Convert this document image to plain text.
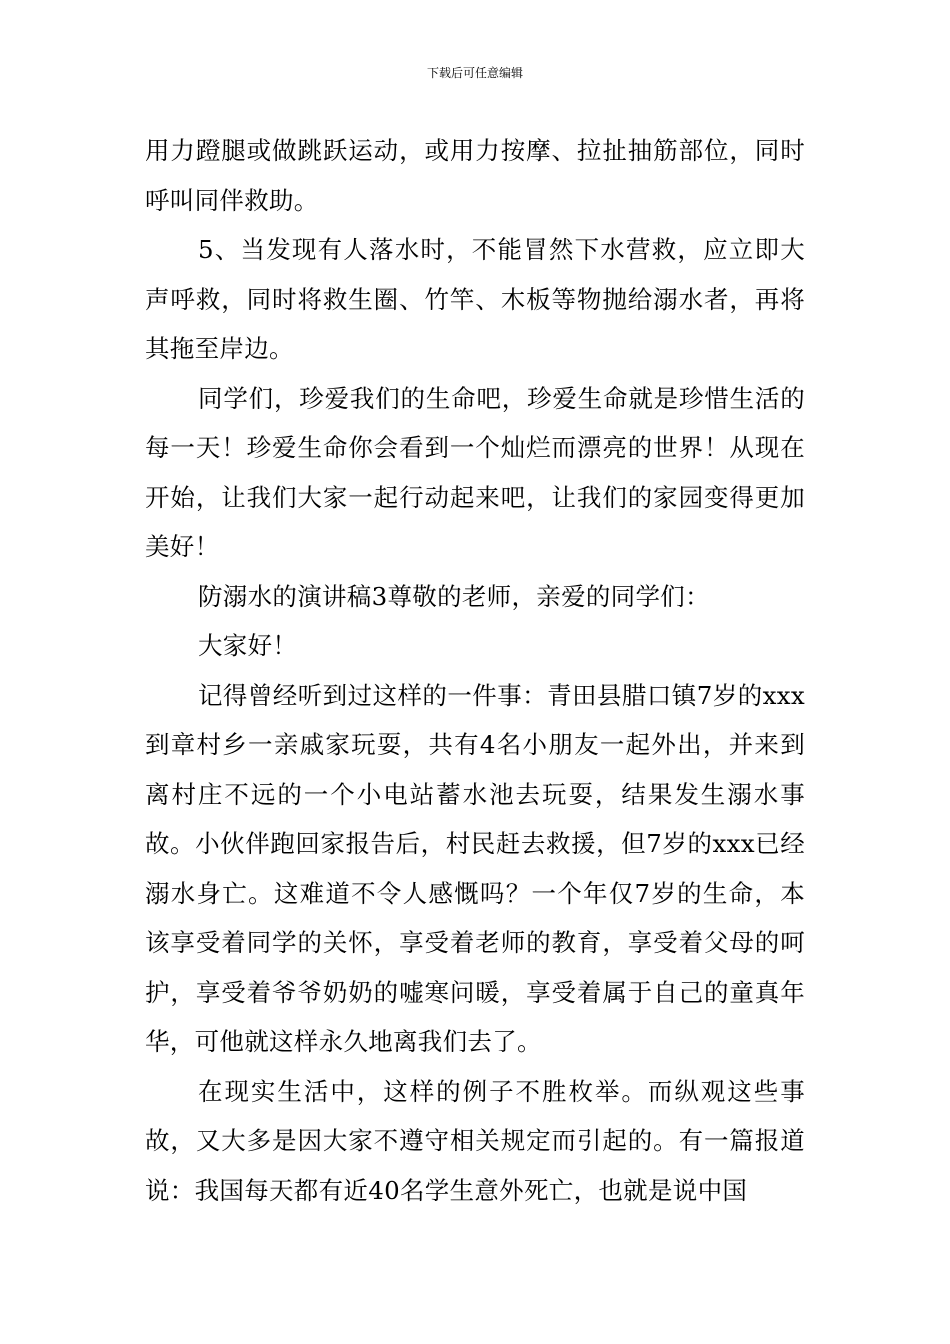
下载后可任意编辑

用力蹬腿或做跳跃运动，或用力按摩、拉扯抽筋部位，同时呼叫同伴救助。

5、当发现有人落水时，不能冒然下水营救，应立即大声呼救，同时将救生圈、竹竿、木板等物抛给溺水者，再将其拖至岸边。

同学们，珍爱我们的生命吧，珍爱生命就是珍惜生活的每一天！珍爱生命你会看到一个灿烂而漂亮的世界！从现在开始，让我们大家一起行动起来吧，让我们的家园变得更加美好！

防溺水的演讲稿3尊敬的老师，亲爱的同学们：

大家好！

记得曾经听到过这样的一件事：青田县腊口镇7岁的xxx到章村乡一亲戚家玩耍，共有4名小朋友一起外出，并来到离村庄不远的一个小电站蓄水池去玩耍，结果发生溺水事故。小伙伴跑回家报告后，村民赶去救援，但7岁的xxx已经溺水身亡。这难道不令人感慨吗？一个年仅7岁的生命，本该享受着同学的关怀，享受着老师的教育，享受着父母的呵护，享受着爷爷奶奶的嘘寒问暖，享受着属于自己的童真年华，可他就这样永久地离我们去了。

在现实生活中，这样的例子不胜枚举。而纵观这些事故，又大多是因大家不遵守相关规定而引起的。有一篇报道说：我国每天都有近40名学生意外死亡，也就是说中国
